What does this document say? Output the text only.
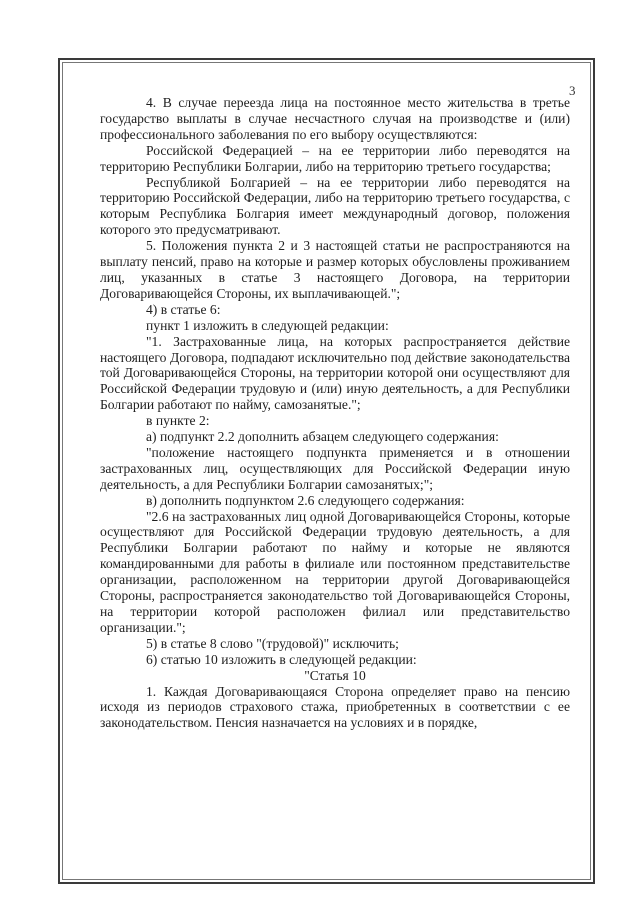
3

4. В случае переезда лица на постоянное место жительства в третье государство выплаты в случае несчастного случая на производстве и (или) профессионального заболевания по его выбору осуществляются:

Российской Федерацией – на ее территории либо переводятся на территорию Республики Болгарии, либо на территорию третьего государства;

Республикой Болгарией – на ее территории либо переводятся на территорию Российской Федерации, либо на территорию третьего государства, с которым Республика Болгария имеет международный договор, положения которого это предусматривают.

5. Положения пункта 2 и 3 настоящей статьи не распространяются на выплату пенсий, право на которые и размер которых обусловлены проживанием лиц, указанных в статье 3 настоящего Договора, на территории Договаривающейся Стороны, их выплачивающей.";

4) в статье 6:

пункт 1 изложить в следующей редакции:

"1. Застрахованные лица, на которых распространяется действие настоящего Договора, подпадают исключительно под действие законодательства той Договаривающейся Стороны, на территории которой они осуществляют для Российской Федерации трудовую и (или) иную деятельность, а для Республики Болгарии работают по найму, самозанятые.";

в пункте 2:

а) подпункт 2.2 дополнить абзацем следующего содержания:

"положение настоящего подпункта применяется и в отношении застрахованных лиц, осуществляющих для Российской Федерации иную деятельность, а для Республики Болгарии самозанятых;";

в) дополнить подпунктом 2.6 следующего содержания:

"2.6 на застрахованных лиц одной Договаривающейся Стороны, которые осуществляют для Российской Федерации трудовую деятельность, а для Республики Болгарии работают по найму и которые не являются командированными для работы в филиале или постоянном представительстве организации, расположенном на территории другой Договаривающейся Стороны, распространяется законодательство той Договаривающейся Стороны, на территории которой расположен филиал или представительство организации.";

5) в статье 8 слово "(трудовой)" исключить;

6) статью 10 изложить в следующей редакции:

"Статья 10

1. Каждая Договаривающаяся Сторона определяет право на пенсию исходя из периодов страхового стажа, приобретенных в соответствии с ее законодательством. Пенсия назначается на условиях и в порядке,
